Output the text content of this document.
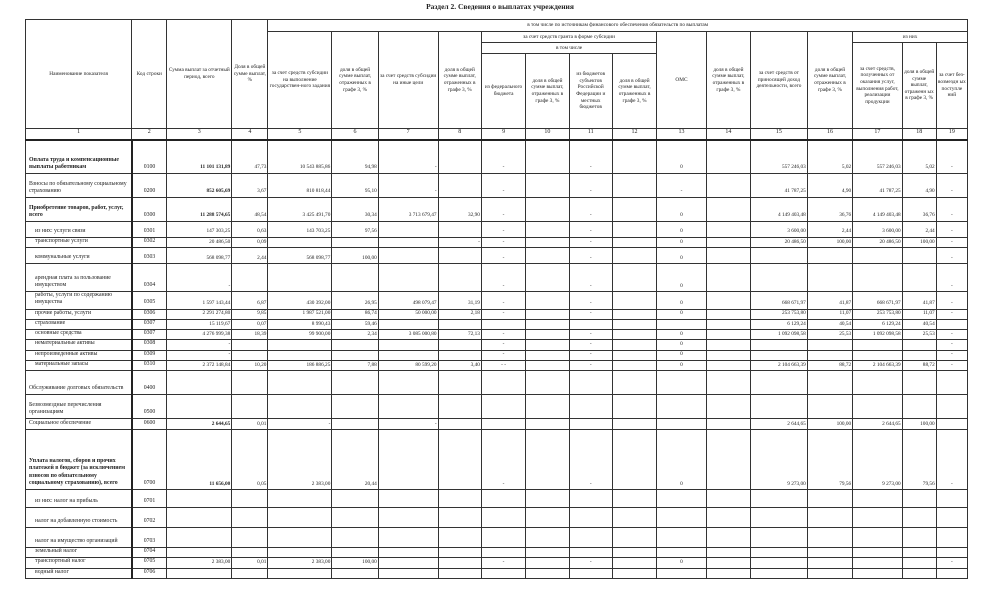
Раздел 2. Сведения о выплатах учреждения
Наименование показателя	Код строки	Сумма выплат за отчетный период, всего	Доля в общей сумме выплат, %	в том числе по источникам финансового обеспечения обязательств по выплатам														
				за счет средств субсидии на выполнение государствен-ного задания	доля в общей сумме выплат, отраженных в графе 3, %	за счет средств субсидии на иные цели	доля в общей сумме выплат, отраженных в графе 3, %	за счет средств гранта в форме субсидии				ОМС	доля в общей сумме выплат, отраженных в графе 3, %	за счет средств от приносящей доход деятельности, всего	доля в общей сумме выплат, отраженных в графе 3, %	из них		
								в том числе								за счет средств, полученных от оказания услуг, выполнения работ, реализации продукции	доля в общей сумме выплат, отраженн ых в графе 3, %	за счет без-возмездн ых поступле ний
								из федерального бюджета	доля в общей сумме выплат, отраженных в графе 3, %	из бюджетов субъектов Российской Федерации и местных бюджетов	доля в общей сумме выплат, отраженных в графе 3, %							
1	2	3	4	5	6	7	8	9	10	11	12	13	14	15	16	17	18	19
Оплата труда и компенсационные выплаты работникам	0100	11 101 131,89	47,73	10 543 885,86	94,98	-		-		-		0		557 246,03	5,02	557 246,03	5,02	-
Взносы по обязательному социальному страхованию	0200	852 605,69	3,67	810 818,44	95,10	-		-		-		-		41 787,25	4,90	41 787,25	4,90	-
Приобретение товаров, работ, услуг, всего	0300	11 288 574,65	48,54	3 425 491,70	30,34	3 713 679,47	32,90	-		-		0		4 149 403,48	36,76	4 149 403,48	36,76	-
из них: услуги связи	0301	147 303,25	0,63	143 703,25	97,56			-		-		0		3 600,00	2,44	3 600,00	2,44	-
транспортные услуги	0302	20 486,50	0,09				-	-		-		0		20 486,50	100,00	20 486,50	100,00	-
коммунальные услуги	0303	568 098,77	2,44	568 098,77	100,00			-		-		0						-
арендная плата за пользование имуществом	0304	-						-		-		0						-
работы, услуги по содержанию имущества	0305	1 597 143,44	6,87	430 392,00	26,95	498 079,47	31,19	-		-		0		668 671,97	41,87	668 671,97	41,87	-
прочие работы, услуги	0306	2 291 274,80	9,85	1 987 521,00	86,74	50 000,00	2,18	-		-		0		253 753,80	11,07	253 753,80	11,07	-
страхование	0307	15 119,67	0,07	8 990,43	59,46									6 129,24	40,54	6 129,24	40,54	
основные средства	0307	4 276 999,38	18,39	99 900,00	2,34	3 085 000,80	72,13	-		-		0		1 092 098,58	25,53	1 092 098,58	25,53	-
нематериальные активы	0308	-						-		-		0						-
непроизведенные активы	0309	-						-		-		0						-
материальные запасы	0310	2 372 148,84	10,20	186 886,25	7,88	80 599,20	3,40	- -		-		0		2 104 663,39	88,72	2 104 663,39	88,72	-
Обслуживание долговых обязательств	0400																	
Безвозмездные перечисления организациям	0500																	
Социальное обеспечение	0600	2 644,65	0,01	-		-								2 644,65	100,00	2 644,65	100,00	
Уплата налогов, сборов и прочих платежей в бюджет (за исключением взносов по обязательному социальному страхованию), всего	0700	11 656,00	0,05	2 383,00	20,44			-		-		0		9 273,00	79,56	9 273,00	79,56	-
из них: налог на прибыль	0701																	
налог на добавленную стоимость	0702																	
налог на имущество организаций	0703																	
земельный налог	0704																	
транспортный налог	0705	2 383,00	0,01	2 383,00	100,00			-		-		0						-
водный налог	0706																	
